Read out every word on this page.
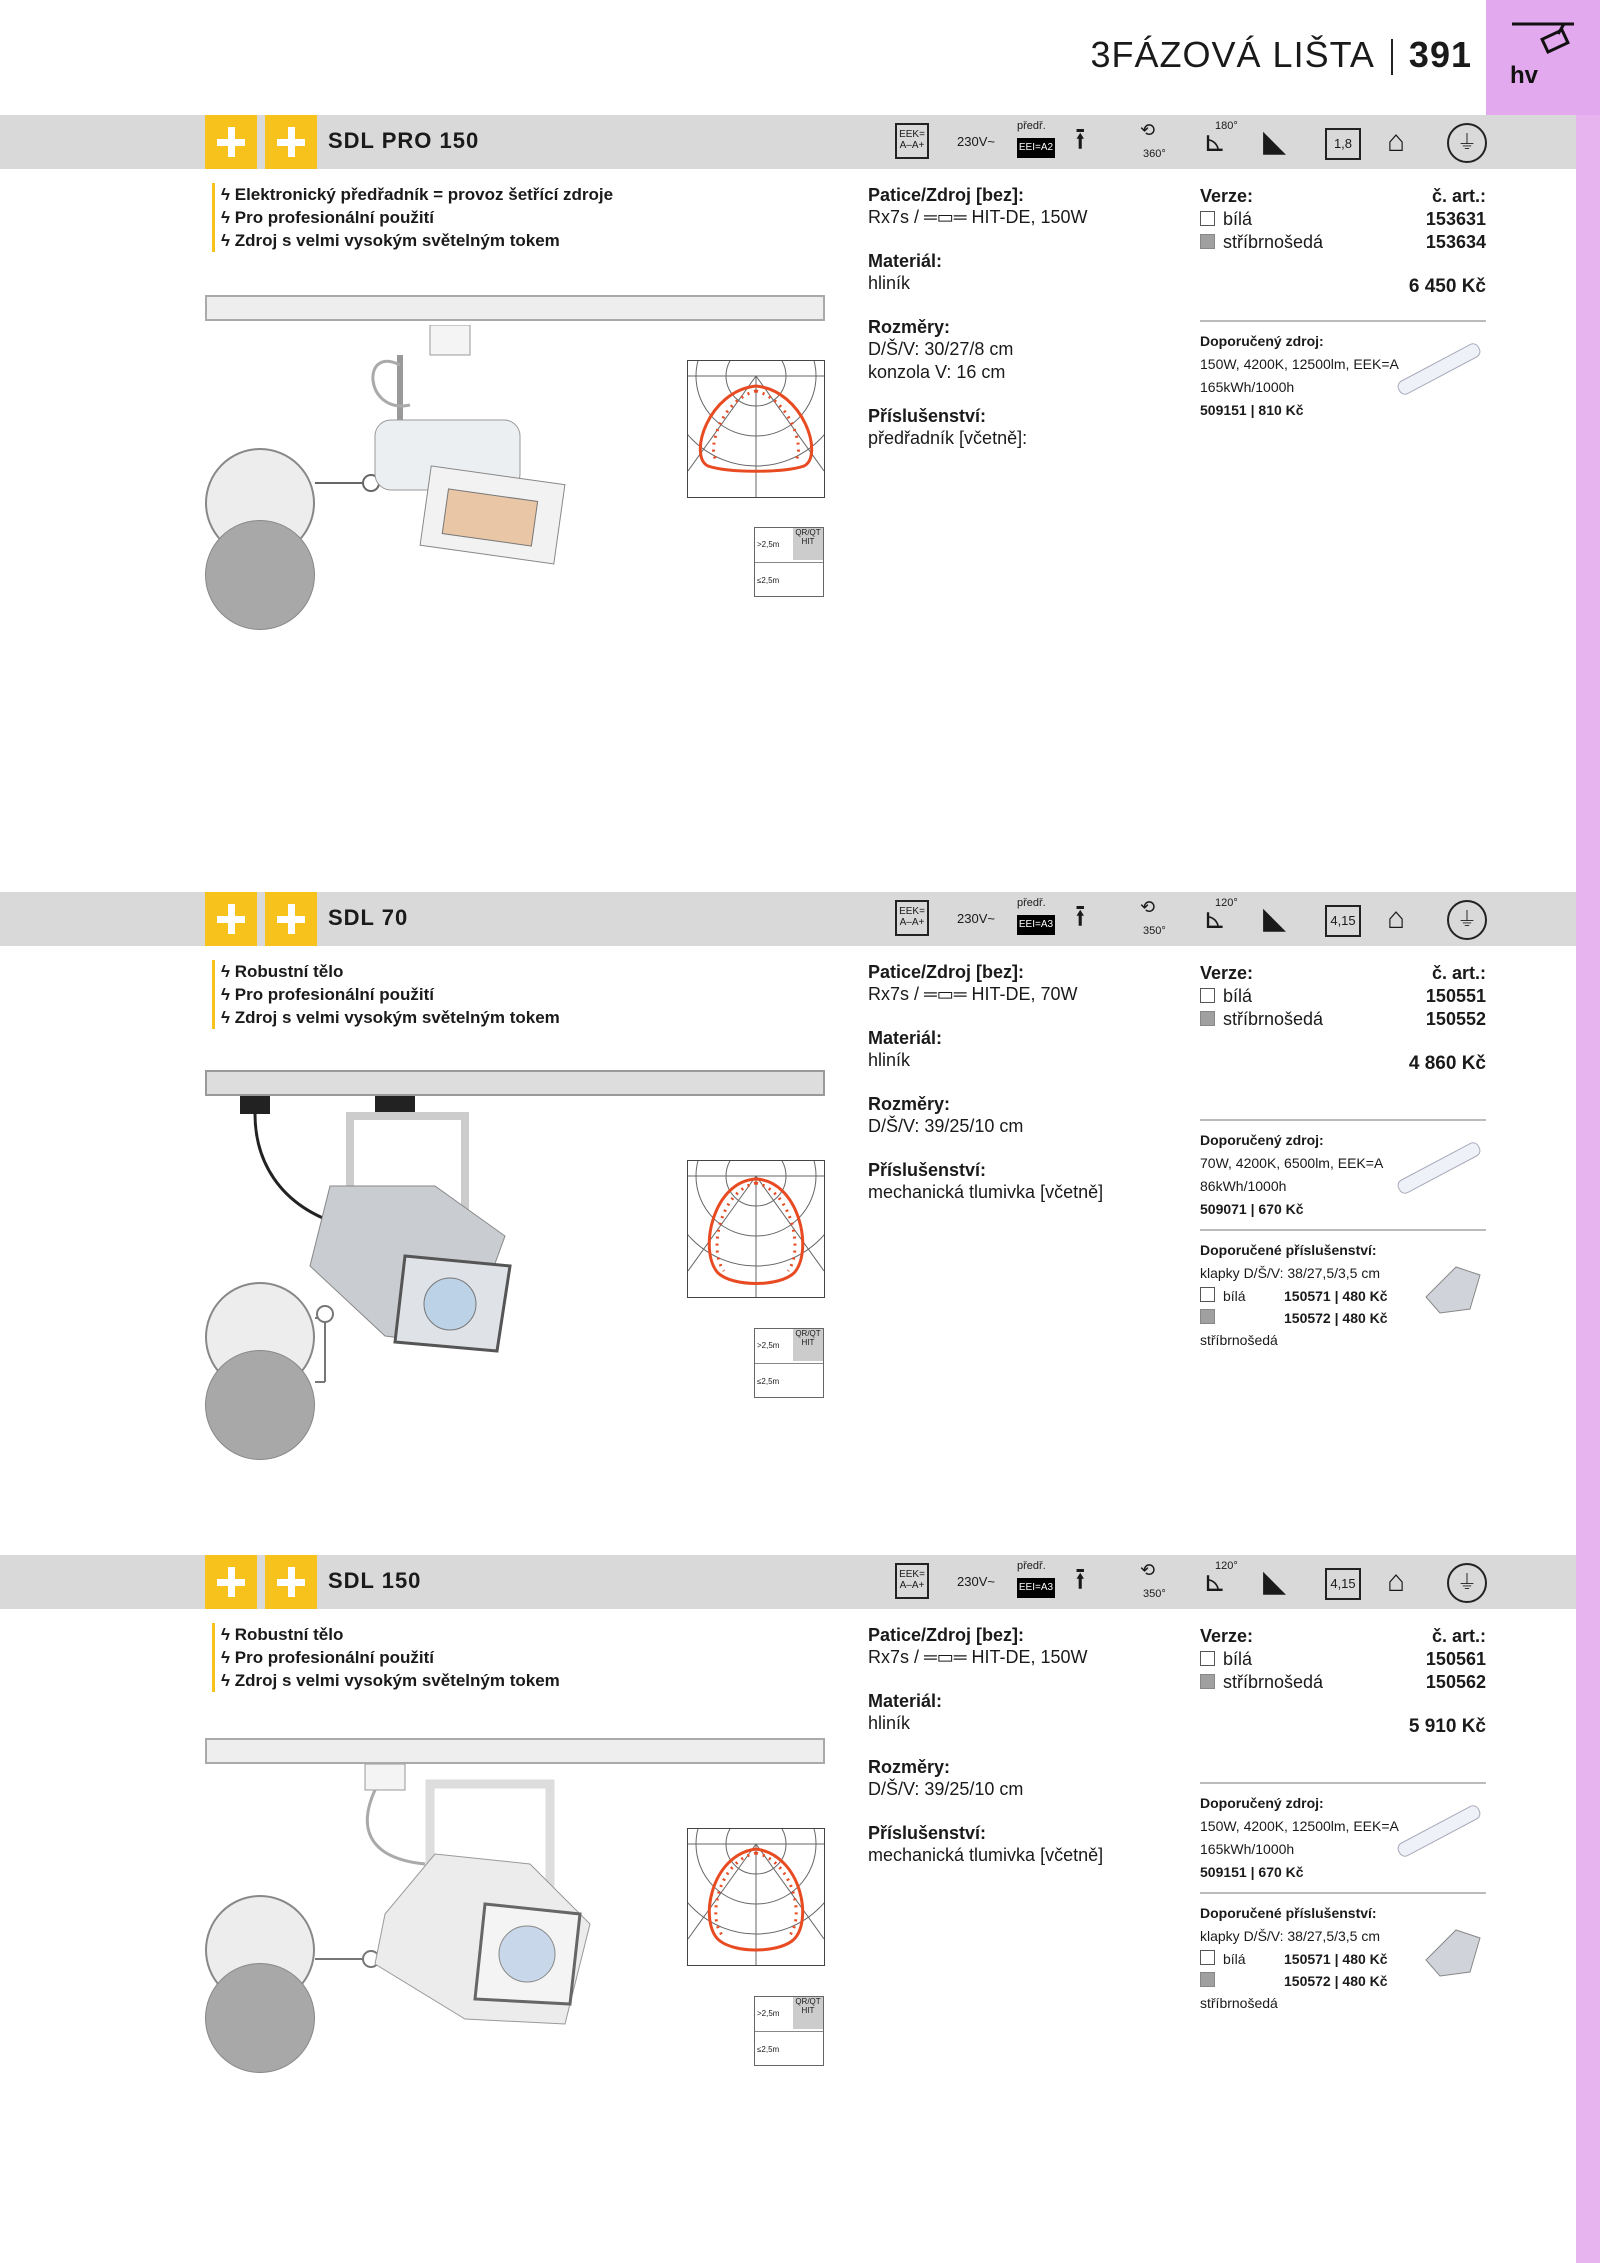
hv
3FÁZOVÁ LIŠTA 391
SDL PRO 150	EEK= A–A+	230V~
předř.
EEI=A2 ⭱	⟲
360° ⊾
180° ◣	1,8 ⌂	⏚
ϟ Elektronický předřadník = provoz šetřící zdroje
ϟ Pro profesionální použití
ϟ Zdroj s velmi vysokým světelným tokem
>2,5m
QR/QT HIT
≤2,5m
Patice/Zdroj [bez]:
Rx7s / ═▭═ HIT-DE, 150W
Materiál:
hliník
Rozměry:
D/Š/V: 30/27/8 cm
konzola V: 16 cm
Příslušenství:
předřadník [včetně]:
Verze:	č. art.:
bílá	153631
stříbrnošedá	153634
6 450 Kč
Doporučený zdroj:
150W, 4200K, 12500lm, EEK=A
165kWh/1000h
509151 | 810 Kč
SDL 70	EEK= A–A+	230V~
předř.
EEI=A3 ⭱	⟲
350° ⊾
120° ◣	4,15 ⌂	⏚
ϟ Robustní tělo
ϟ Pro profesionální použití
ϟ Zdroj s velmi vysokým světelným tokem
>2,5m
QR/QT HIT
≤2,5m
Patice/Zdroj [bez]:
Rx7s / ═▭═ HIT-DE, 70W
Materiál:
hliník
Rozměry:
D/Š/V: 39/25/10 cm
Příslušenství:
mechanická tlumivka [včetně]
Verze:	č. art.:
bílá	150551
stříbrnošedá	150552
4 860 Kč
Doporučený zdroj:
70W, 4200K, 6500lm, EEK=A
86kWh/1000h
509071 | 670 Kč
Doporučené příslušenství:
klapky D/Š/V: 38/27,5/3,5 cm
bílá	150571 | 480 Kč
stříbrnošedá
150572 | 480 Kč
SDL 150	EEK= A–A+	230V~
předř.
EEI=A3 ⭱	⟲
350° ⊾
120° ◣	4,15 ⌂	⏚
ϟ Robustní tělo
ϟ Pro profesionální použití
ϟ Zdroj s velmi vysokým světelným tokem
>2,5m
QR/QT HIT
≤2,5m
Patice/Zdroj [bez]:
Rx7s / ═▭═ HIT-DE, 150W
Materiál:
hliník
Rozměry:
D/Š/V: 39/25/10 cm
Příslušenství:
mechanická tlumivka [včetně]
Verze:	č. art.:
bílá	150561
stříbrnošedá	150562
5 910 Kč
Doporučený zdroj:
150W, 4200K, 12500lm, EEK=A
165kWh/1000h
509151 | 670 Kč
Doporučené příslušenství:
klapky D/Š/V: 38/27,5/3,5 cm
bílá	150571 | 480 Kč
stříbrnošedá
150572 | 480 Kč
